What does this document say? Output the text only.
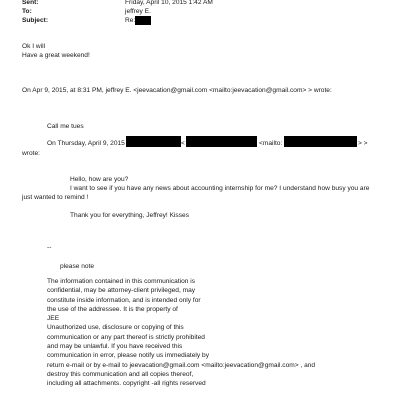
Sent:	Friday, April 10, 2015 1:42 AM
To:	jeffrey E.
Subject:	Re:
Ok I will
Have a great weekend!
On Apr 9, 2015, at 8:31 PM, jeffrey E. <jeevacation@gmail.com <mailto:jeevacation@gmail.com> > wrote:
Call me tues
On Thursday, April 9, 2015	<	<mailto:	> >
wrote:
Hello, how are you?
I want to see if you have any news about accounting internship for me? I understand how busy you are
just wanted to remind !
Thank you for everything, Jeffrey! Kisses
--
please note
The information contained in this communication is
confidential, may be attorney-client privileged, may
constitute inside information, and is intended only for
the use of the addressee. It is the property of
JEE
Unauthorized use, disclosure or copying of this
communication or any part thereof is strictly prohibited
and may be unlawful. If you have received this
communication in error, please notify us immediately by
return e-mail or by e-mail to jeevacation@gmail.com <mailto:jeevacation@gmail.com> , and
destroy this communication and all copies thereof,
including all attachments. copyright -all rights reserved
